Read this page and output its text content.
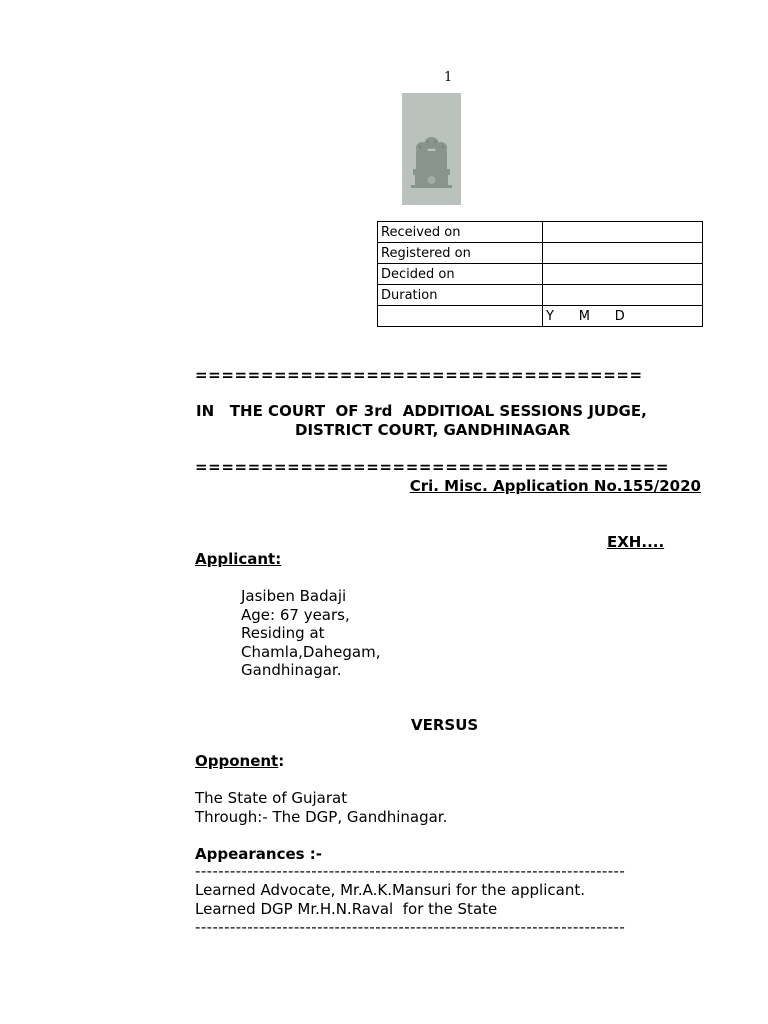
1

Received on	
Registered on	
Decided on	
Duration	
	Y      M      D
==================================
IN   THE COURT  OF 3rd  ADDITIOAL SESSIONS JUDGE,
DISTRICT COURT, GANDHINAGAR
====================================
Cri. Misc. Application No.155/2020
EXH....
Applicant:
Jasiben Badaji
Age: 67 years,
Residing at
Chamla,Dahegam,
Gandhinagar.
VERSUS
Opponent:
The State of Gujarat
Through:- The DGP, Gandhinagar.
Appearances :-
--------------------------------------------------------------------------
Learned Advocate, Mr.A.K.Mansuri for the applicant.
Learned DGP Mr.H.N.Raval  for the State
--------------------------------------------------------------------------
